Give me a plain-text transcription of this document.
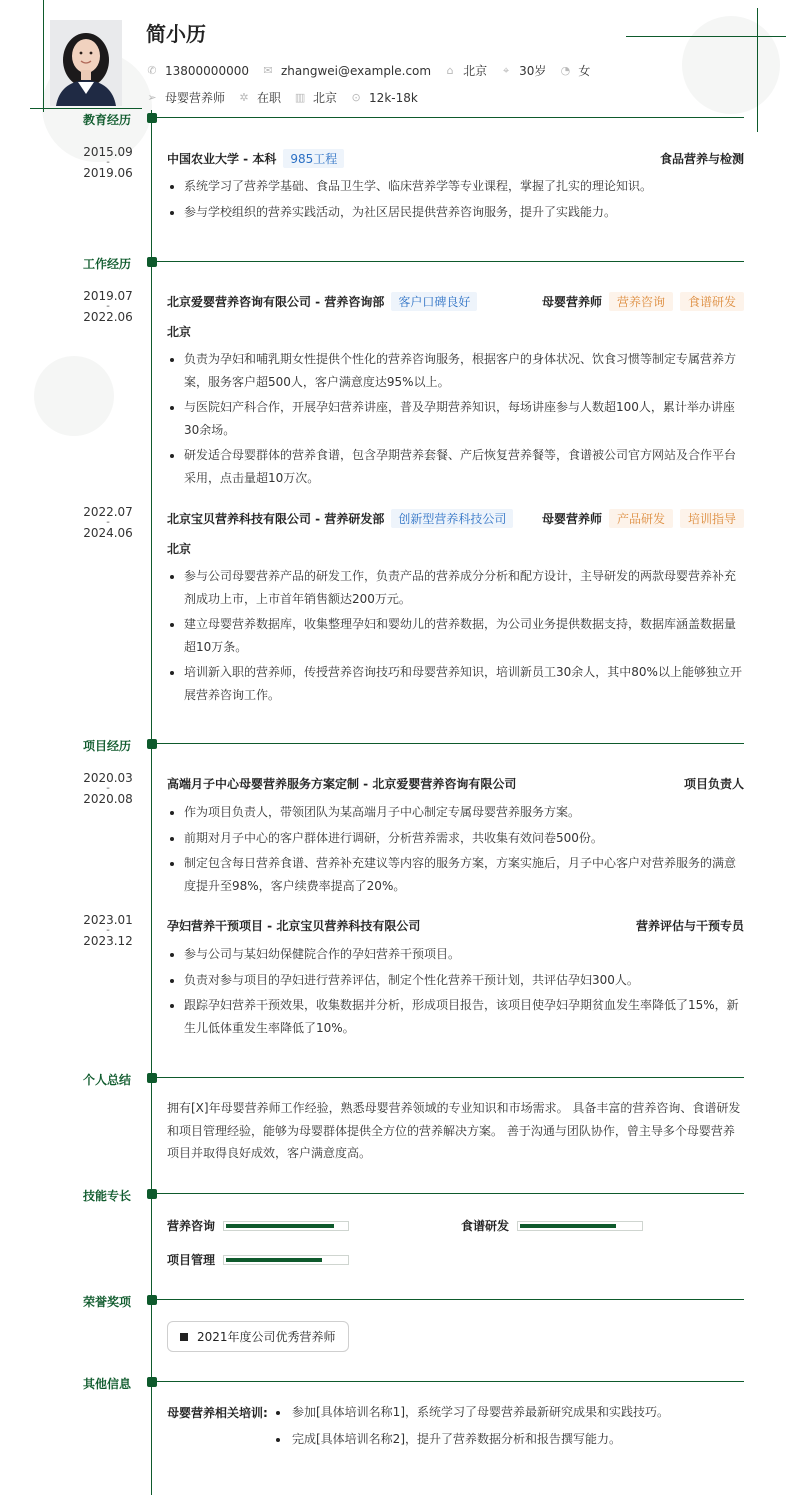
简小历
✆ 13800000000 ✉ zhangwei@example.com ⌂ 北京 ⌖ 30岁 ◔ 女
➢ 母婴营养师 ✲ 在职 ▥ 北京 ⊙ 12k-18k
教育经历
2015.09
-
2019.06
中国农业大学 - 本科	985工程	食品营养与检测
系统学习了营养学基础、食品卫生学、临床营养学等专业课程，掌握了扎实的理论知识。
参与学校组织的营养实践活动，为社区居民提供营养咨询服务，提升了实践能力。
工作经历
2019.07
-
2022.06
北京爱婴营养咨询有限公司 - 营养咨询部	客户口碑良好	母婴营养师	营养咨询	食谱研发
北京
负责为孕妇和哺乳期女性提供个性化的营养咨询服务，根据客户的身体状况、饮食习惯等制定专属营养方案，服务客户超500人，客户满意度达95%以上。
与医院妇产科合作，开展孕妇营养讲座，普及孕期营养知识，每场讲座参与人数超100人，累计举办讲座30余场。
研发适合母婴群体的营养食谱，包含孕期营养套餐、产后恢复营养餐等，食谱被公司官方网站及合作平台采用，点击量超10万次。
2022.07
-
2024.06
北京宝贝营养科技有限公司 - 营养研发部	创新型营养科技公司	母婴营养师	产品研发	培训指导
北京
参与公司母婴营养产品的研发工作，负责产品的营养成分分析和配方设计，主导研发的两款母婴营养补充剂成功上市，上市首年销售额达200万元。
建立母婴营养数据库，收集整理孕妇和婴幼儿的营养数据，为公司业务提供数据支持，数据库涵盖数据量超10万条。
培训新入职的营养师，传授营养咨询技巧和母婴营养知识，培训新员工30余人，其中80%以上能够独立开展营养咨询工作。
项目经历
2020.03
-
2020.08
高端月子中心母婴营养服务方案定制 - 北京爱婴营养咨询有限公司	项目负责人
作为项目负责人，带领团队为某高端月子中心制定专属母婴营养服务方案。
前期对月子中心的客户群体进行调研，分析营养需求，共收集有效问卷500份。
制定包含每日营养食谱、营养补充建议等内容的服务方案，方案实施后，月子中心客户对营养服务的满意度提升至98%，客户续费率提高了20%。
2023.01
-
2023.12
孕妇营养干预项目 - 北京宝贝营养科技有限公司	营养评估与干预专员
参与公司与某妇幼保健院合作的孕妇营养干预项目。
负责对参与项目的孕妇进行营养评估，制定个性化营养干预计划，共评估孕妇300人。
跟踪孕妇营养干预效果，收集数据并分析，形成项目报告，该项目使孕妇孕期贫血发生率降低了15%，新生儿低体重发生率降低了10%。
个人总结
拥有[X]年母婴营养师工作经验，熟悉母婴营养领域的专业知识和市场需求。 具备丰富的营养咨询、食谱研发和项目管理经验，能够为母婴群体提供全方位的营养解决方案。 善于沟通与团队协作，曾主导多个母婴营养项目并取得良好成效，客户满意度高。
技能专长
营养咨询	食谱研发
项目管理
荣誉奖项
2021年度公司优秀营养师
其他信息
母婴营养相关培训:	参加[具体培训名称1]，系统学习了母婴营养最新研究成果和实践技巧。
完成[具体培训名称2]，提升了营养数据分析和报告撰写能力。
